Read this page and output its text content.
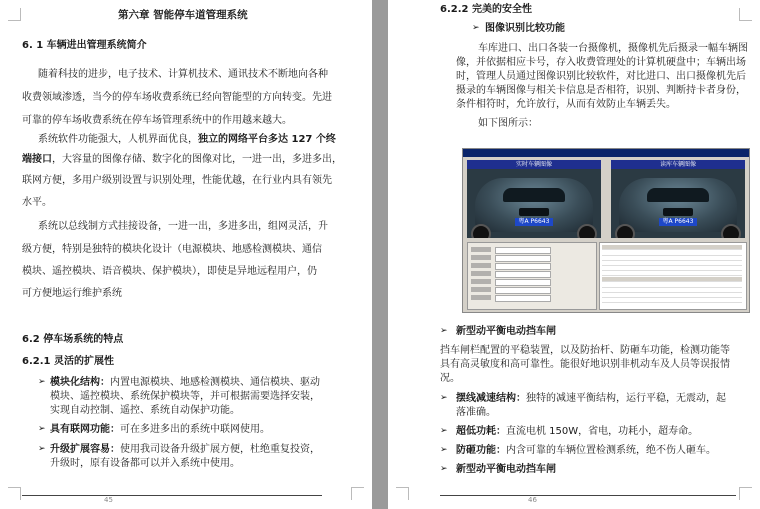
第六章 智能停车道管理系统
6. 1 车辆进出管理系统简介
随着科技的进步，电子技术、计算机技术、通讯技术不断地向各种
收费领域渗透，当今的停车场收费系统已经向智能型的方向转变。先进
可靠的停车场收费系统在停车场管理系统中的作用越来越大。
系统软件功能强大，人机界面优良，独立的网络平台多达 127 个终
端接口，大容量的图像存储、数字化的图像对比，一进一出，多进多出，
联网方便，多用户级别设置与识别处理，性能优越，在行业内具有领先
水平。
系统以总线制方式挂接设备，一进一出，多进多出，组网灵活，升
级方便，特别是独特的模块化设计（电源模块、地感检测模块、通信
模块、遥控模块、语音模块、保护模块），即使是异地远程用户，仍
可方便地运行维护系统
6.2 停车场系统的特点
6.2.1 灵活的扩展性
➢ 模块化结构：内置电源模块、地感检测模块、通信模块、驱动
模块、遥控模块、系统保护模块等，并可根据需要选择安装，
实现自动控制、遥控、系统自动保护功能。
➢ 具有联网功能：可在多进多出的系统中联网使用。
➢ 升级扩展容易：使用我司设备升级扩展方便，杜绝重复投资，
升级时，原有设备都可以并入系统中使用。
45
6.2.2 完美的安全性
➢ 图像识别比较功能
车库进口、出口各装一台摄像机，摄像机先后摄录一幅车辆图
像，并依据相应卡号，存入收费管理处的计算机硬盘中；车辆出场
时，管理人员通过图像识别比较软件，对比进口、出口摄像机先后
摄录的车辆图像与相关卡信息是否相符，识别、判断持卡者身份，
条件相符时，允许放行，从而有效防止车辆丢失。
如下图所示：
实时车辆图像
粤A P6643
读库车辆图像
粤A P6643
➢ 新型动平衡电动挡车闸
挡车闸栏配置的平稳装置，以及防抬杆、防砸车功能，检测功能等
具有高灵敏度和高可靠性。能很好地识别非机动车及人员等误报情
况。
➢ 摆线减速结构：独特的减速平衡结构，运行平稳，无震动，起
落准确。
➢ 超低功耗：直流电机 150W，省电，功耗小，超寿命。
➢ 防砸功能：内含可靠的车辆位置检测系统，绝不伤人砸车。
➢ 新型动平衡电动挡车闸
46
